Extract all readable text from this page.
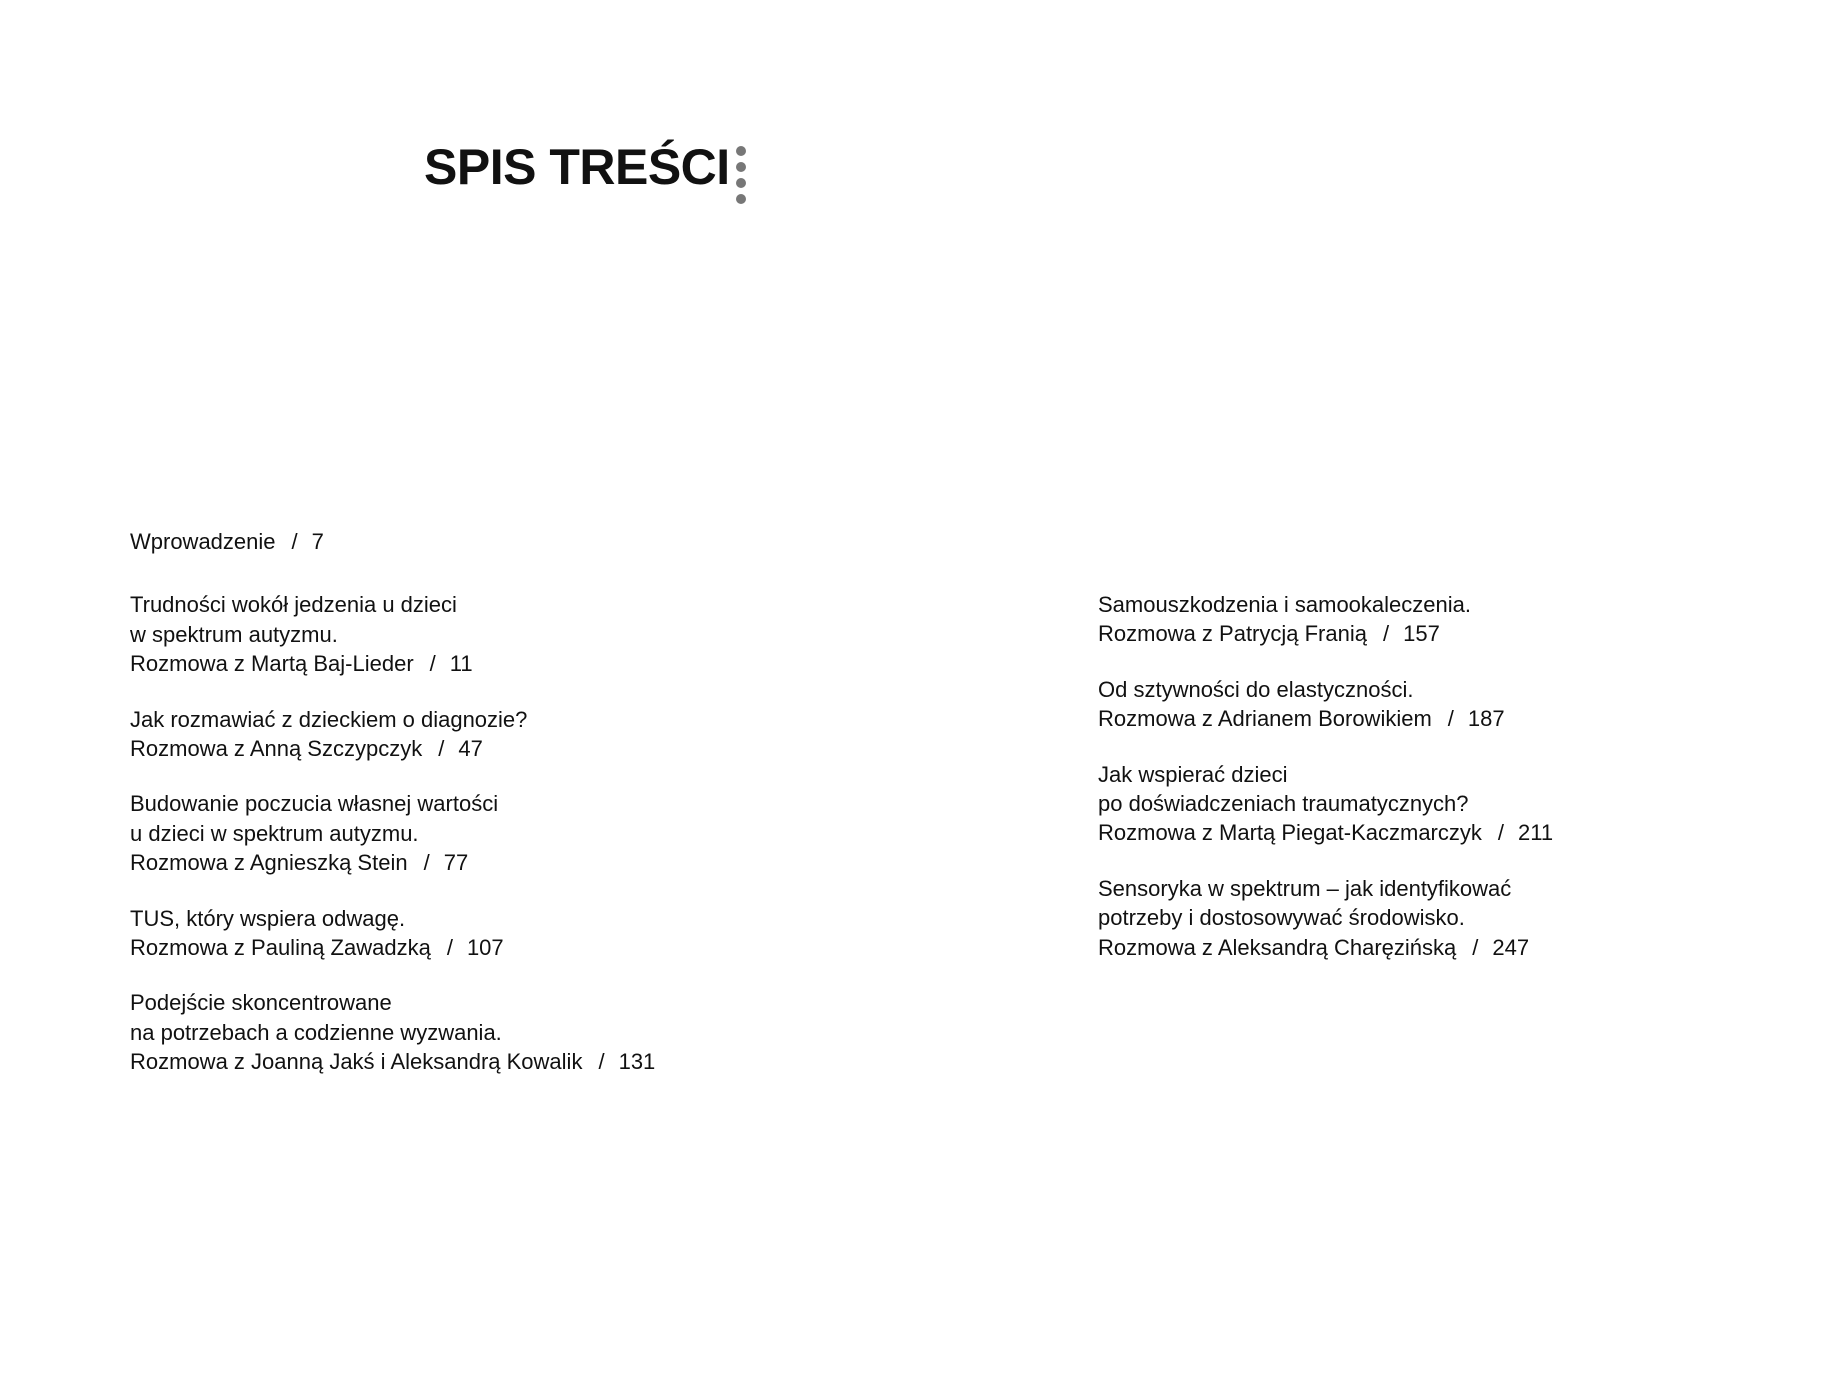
SPIS TREŚCI
Wprowadzenie / 7
Trudności wokół jedzenia u dzieci
w spektrum autyzmu.
Rozmowa z Martą Baj-Lieder / 11
Jak rozmawiać z dzieckiem o diagnozie?
Rozmowa z Anną Szczypczyk / 47
Budowanie poczucia własnej wartości
u dzieci w spektrum autyzmu.
Rozmowa z Agnieszką Stein / 77
TUS, który wspiera odwagę.
Rozmowa z Pauliną Zawadzką / 107
Podejście skoncentrowane
na potrzebach a codzienne wyzwania.
Rozmowa z Joanną Jakś i Aleksandrą Kowalik / 131
Samouszkodzenia i samookaleczenia.
Rozmowa z Patrycją Franią / 157
Od sztywności do elastyczności.
Rozmowa z Adrianem Borowikiem / 187
Jak wspierać dzieci
po doświadczeniach traumatycznych?
Rozmowa z Martą Piegat-Kaczmarczyk / 211
Sensoryka w spektrum – jak identyfikować
potrzeby i dostosowywać środowisko.
Rozmowa z Aleksandrą Charęzińską / 247
